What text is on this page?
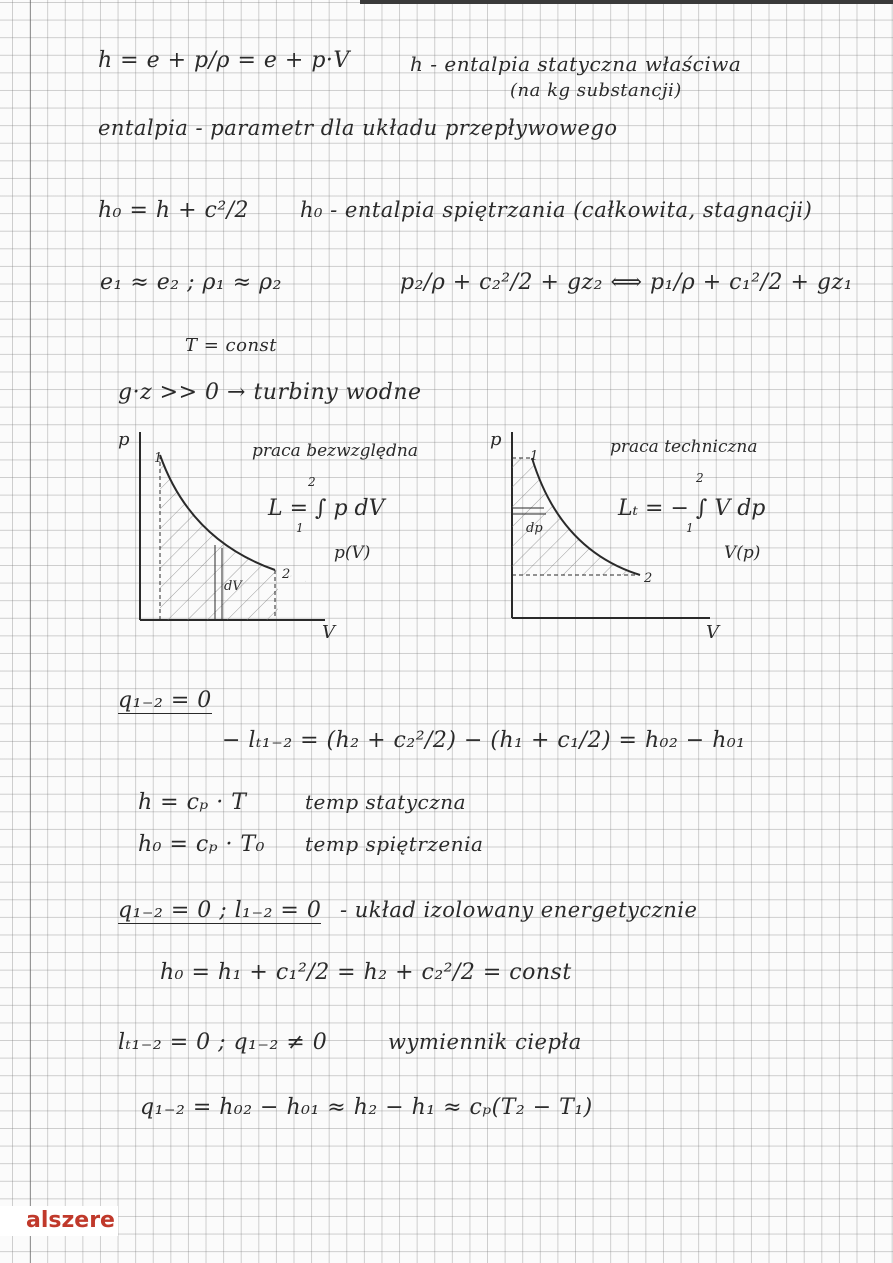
h = e + p/ρ = e + p·V	h - entalpia statyczna właściwa
(na kg substancji)
entalpia - parametr dla układu przepływowego
h₀ = h + c²/2 h₀ - entalpia spiętrzania (całkowita, stagnacji)
e₁ ≈ e₂ ; ρ₁ ≈ ρ₂	p₂/ρ + c₂²/2 + gz₂ ⟺ p₁/ρ + c₁²/2 + gz₁
T = const
g·z >> 0 → turbiny wodne
p
V
1
2
dV
praca bezwzględna
L = ∫ p dV
2
1
p(V)
p
V
1
2
dp
praca techniczna
Lₜ = − ∫ V dp
2
1
V(p)
q₁₋₂ = 0
− lₜ₁₋₂ = (h₂ + c₂²/2) − (h₁ + c₁/2) = h₀₂ − h₀₁
h = cₚ · T	temp statyczna
h₀ = cₚ · T₀ temp spiętrzenia
q₁₋₂ = 0 ; l₁₋₂ = 0 - układ izolowany energetycznie
h₀ = h₁ + c₁²/2 = h₂ + c₂²/2 = const
lₜ₁₋₂ = 0 ; q₁₋₂ ≠ 0	wymiennik ciepła
q₁₋₂ = h₀₂ − h₀₁ ≈ h₂ − h₁ ≈ cₚ(T₂ − T₁)
alszere
